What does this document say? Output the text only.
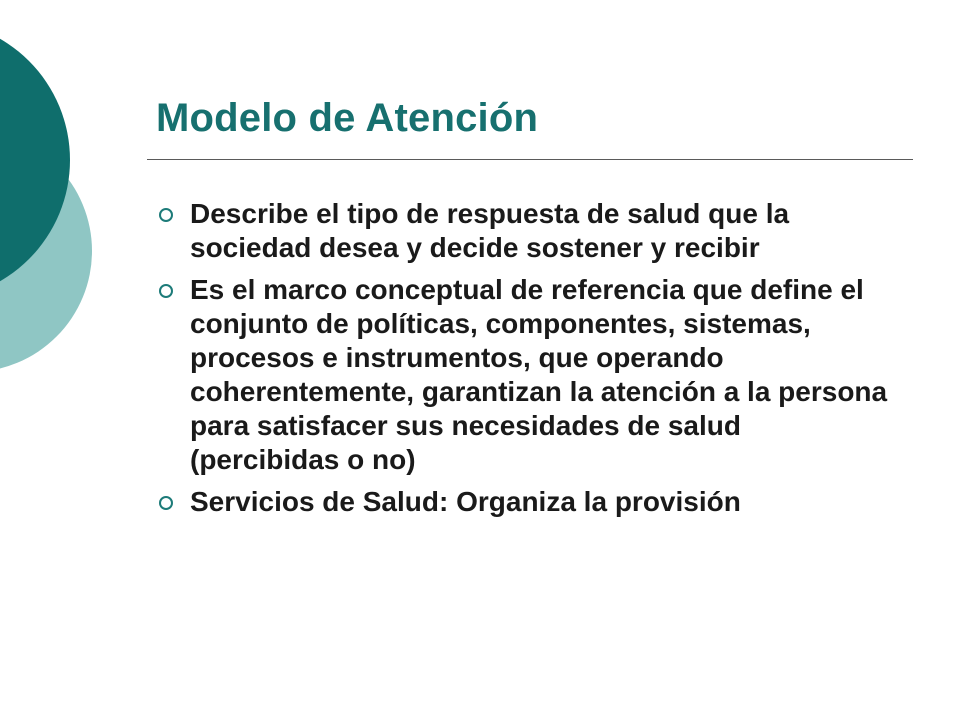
Modelo de Atención
Describe el tipo de respuesta de salud que la sociedad desea y decide sostener y recibir
Es el marco conceptual de referencia que define el conjunto de políticas, componentes, sistemas, procesos e instrumentos, que operando coherentemente, garantizan la atención a la persona para satisfacer sus necesidades de salud (percibidas o no)
Servicios de Salud: Organiza la provisión
